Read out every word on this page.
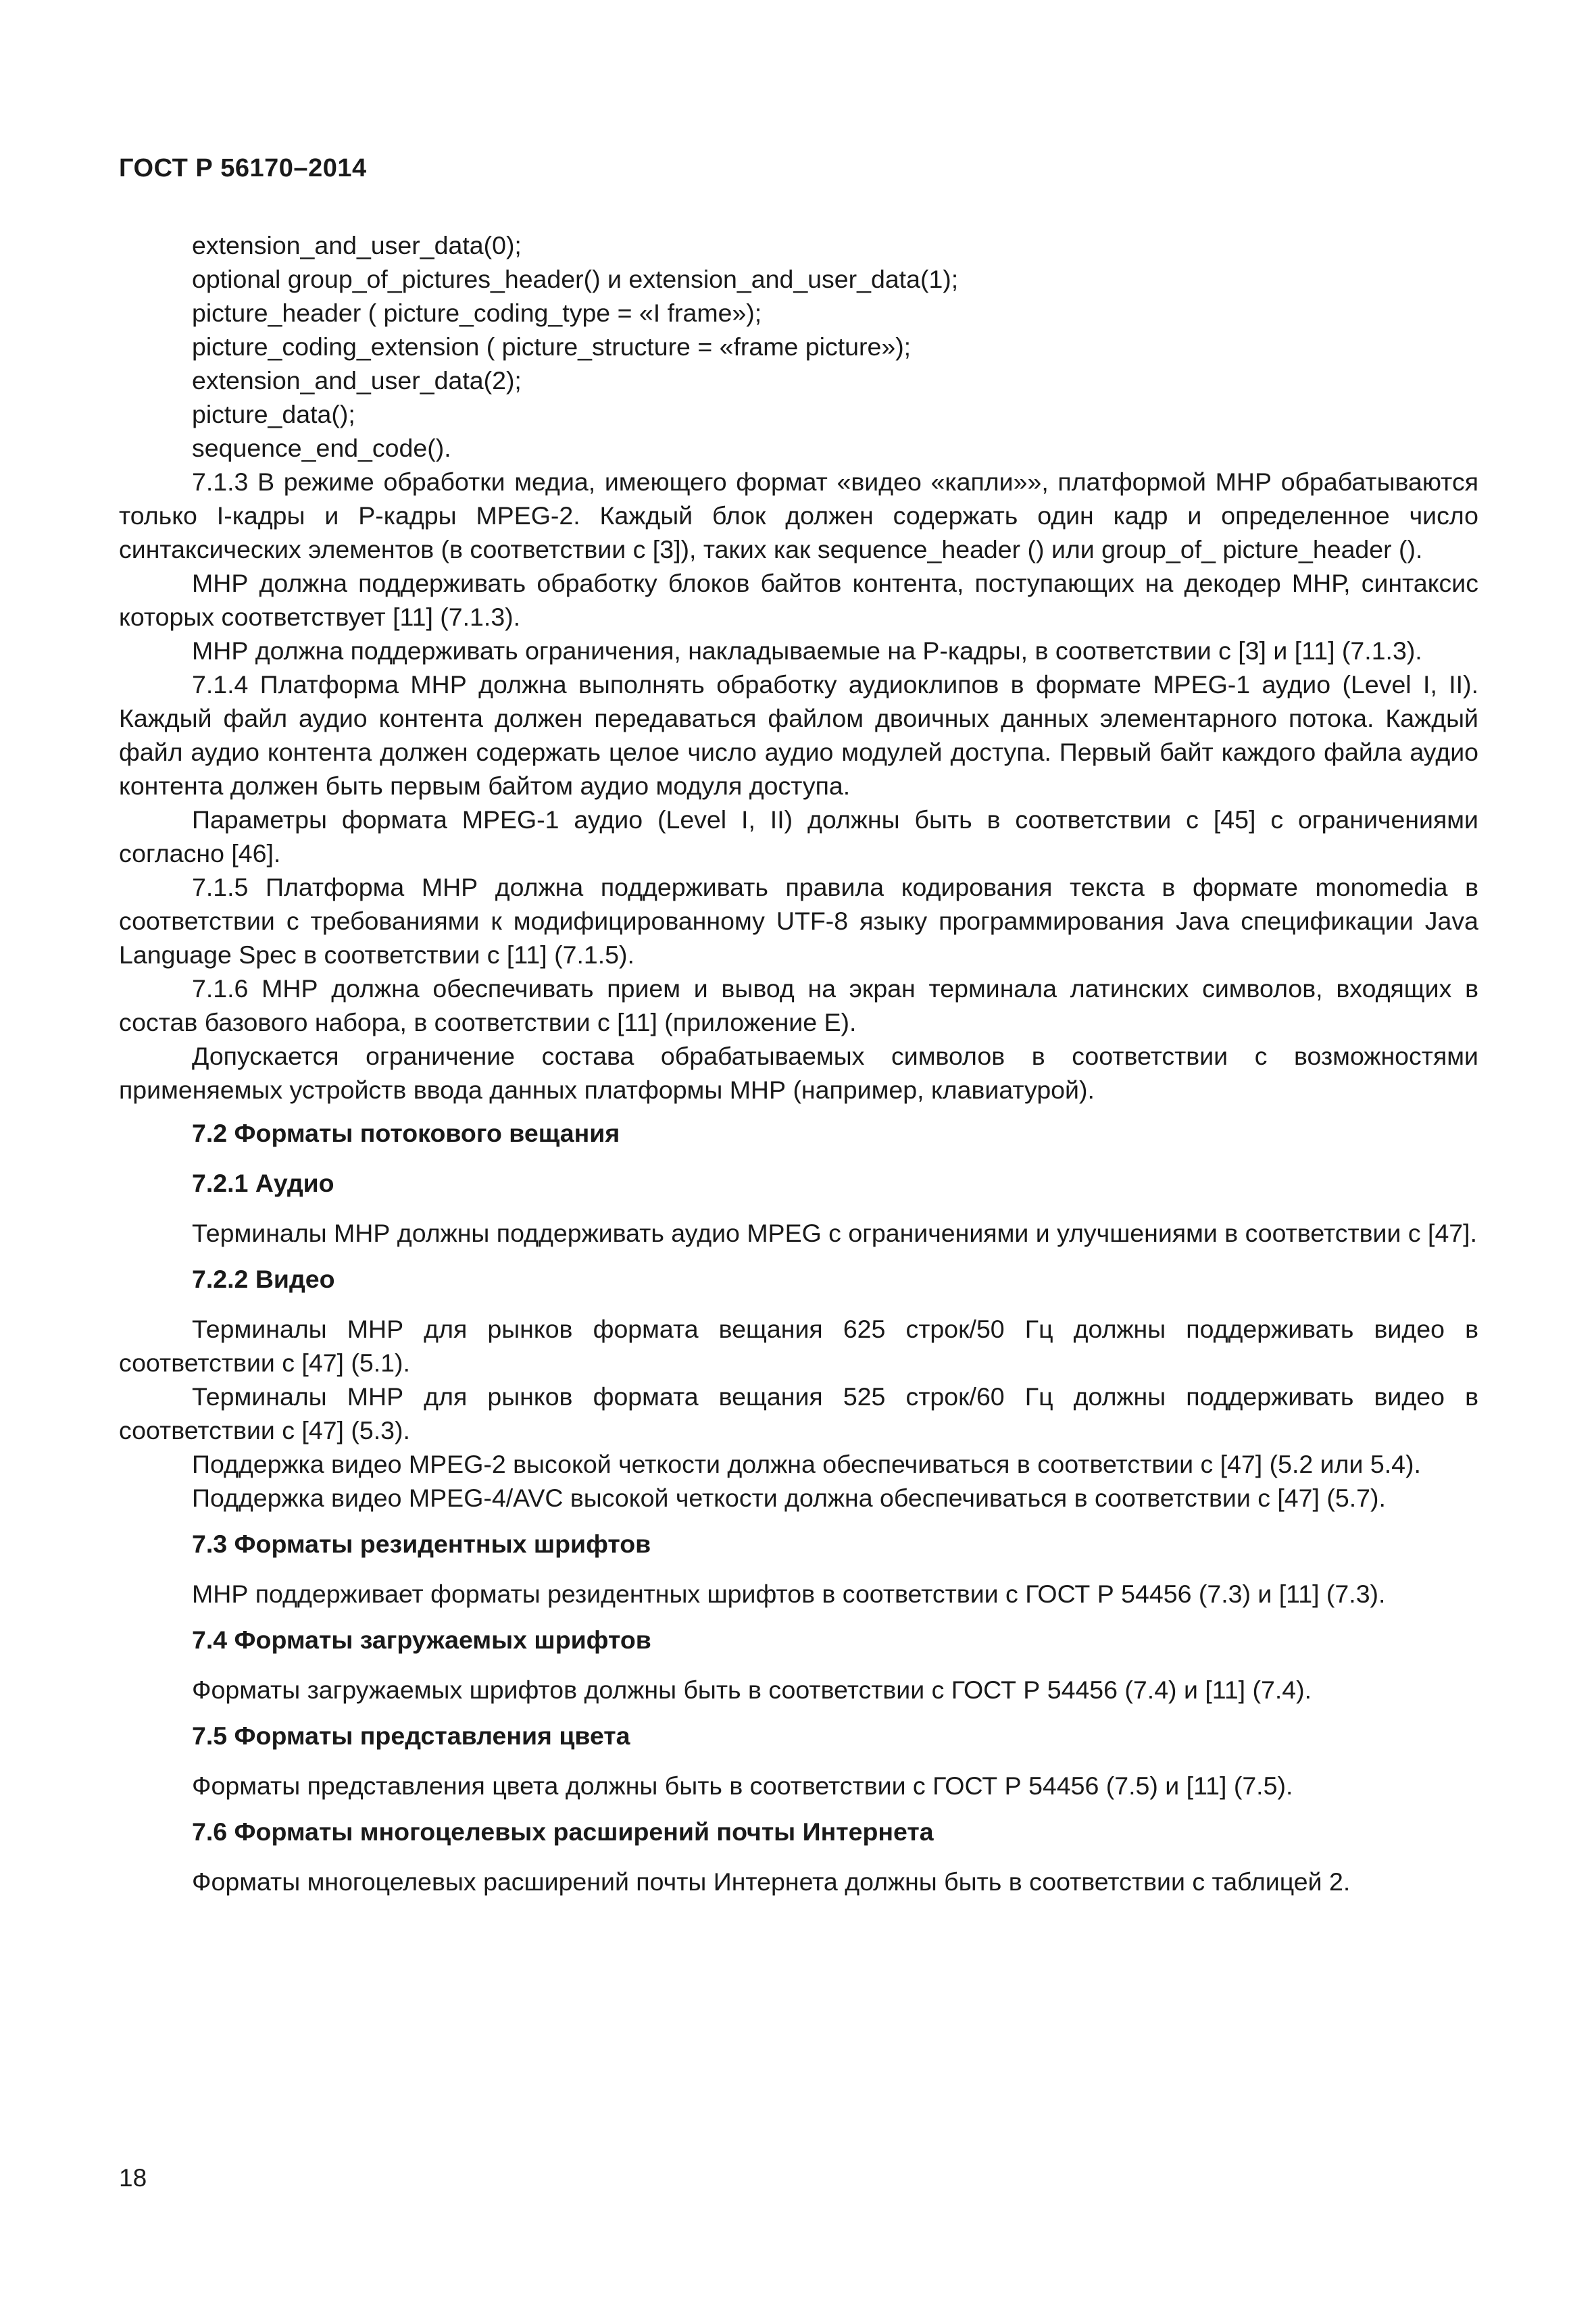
ГОСТ Р 56170–2014

extension_and_user_data(0);

optional group_of_pictures_header() и extension_and_user_data(1);

picture_header ( picture_coding_type = «I frame»);

picture_coding_extension ( picture_structure = «frame picture»);

extension_and_user_data(2);

picture_data();

sequence_end_code().

7.1.3 В режиме обработки медиа, имеющего формат «видео «капли»», платформой МНР обрабатываются только I-кадры и Р-кадры MPEG-2. Каждый блок должен содержать один кадр и определенное число синтаксических элементов (в соответствии с [3]), таких как sequence_header () или group_of_ picture_header ().

МНР должна поддерживать обработку блоков байтов контента, поступающих на декодер МНР, синтаксис которых соответствует [11] (7.1.3).

МНР должна поддерживать ограничения, накладываемые на Р-кадры, в соответствии с [3] и [11] (7.1.3).

7.1.4 Платформа МНР должна выполнять обработку аудиоклипов в формате MPEG-1 аудио (Level I, II). Каждый файл аудио контента должен передаваться файлом двоичных данных элементарного потока. Каждый файл аудио контента должен содержать целое число аудио модулей доступа. Первый байт каждого файла аудио контента должен быть первым байтом аудио модуля доступа.

Параметры формата MPEG-1 аудио (Level I, II) должны быть в соответствии с [45] с ограничениями согласно [46].

7.1.5 Платформа МНР должна поддерживать правила кодирования текста в формате monomedia в соответствии с требованиями к модифицированному UTF-8 языку программирования Java спецификации Java Language Spec в соответствии с [11] (7.1.5).

7.1.6 МНР должна обеспечивать прием и вывод на экран терминала латинских символов, входящих в состав базового набора, в соответствии с [11] (приложение Е).

Допускается ограничение состава обрабатываемых символов в соответствии с возможностями применяемых устройств ввода данных платформы МНР (например, клавиатурой).

7.2 Форматы потокового вещания
7.2.1 Аудио

Терминалы МНР должны поддерживать аудио MPEG с ограничениями и улучшениями в соответствии с [47].

7.2.2 Видео

Терминалы МНР для рынков формата вещания 625 строк/50 Гц должны поддерживать видео в соответствии с [47] (5.1).

Терминалы МНР для рынков формата вещания 525 строк/60 Гц должны поддерживать видео в соответствии с [47] (5.3).

Поддержка видео MPEG-2 высокой четкости должна обеспечиваться в соответствии с [47] (5.2 или 5.4).

Поддержка видео MPEG-4/AVC высокой четкости должна обеспечиваться в соответствии с [47] (5.7).

7.3 Форматы резидентных шрифтов

МНР поддерживает форматы резидентных шрифтов в соответствии с ГОСТ Р 54456 (7.3) и [11] (7.3).

7.4 Форматы загружаемых шрифтов

Форматы загружаемых шрифтов должны быть в соответствии с ГОСТ Р 54456 (7.4) и [11] (7.4).

7.5 Форматы представления цвета

Форматы представления цвета должны быть в соответствии с ГОСТ Р 54456 (7.5) и [11] (7.5).

7.6 Форматы многоцелевых расширений почты Интернета

Форматы многоцелевых расширений почты Интернета должны быть в соответствии с таблицей 2.

18
